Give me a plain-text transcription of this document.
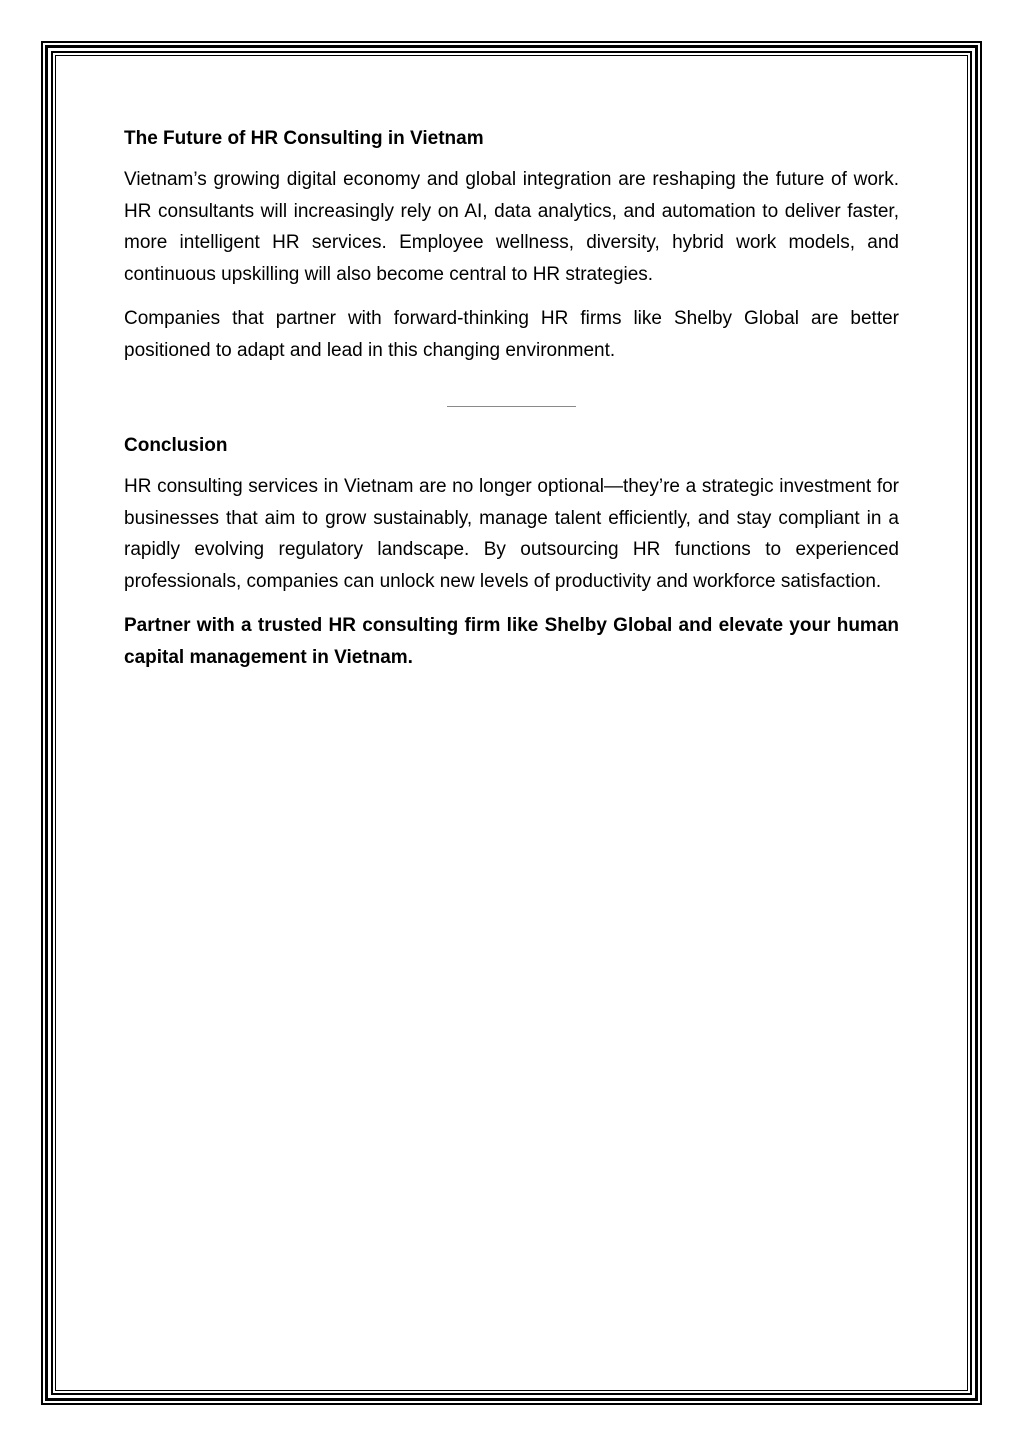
The Future of HR Consulting in Vietnam

Vietnam’s growing digital economy and global integration are reshaping the future of work. HR consultants will increasingly rely on AI, data analytics, and automation to deliver faster, more intelligent HR services. Employee wellness, diversity, hybrid work models, and continuous upskilling will also become central to HR strategies.

Companies that partner with forward-thinking HR firms like Shelby Global are better positioned to adapt and lead in this changing environment.

Conclusion

HR consulting services in Vietnam are no longer optional—they’re a strategic investment for businesses that aim to grow sustainably, manage talent efficiently, and stay compliant in a rapidly evolving regulatory landscape. By outsourcing HR functions to experienced professionals, companies can unlock new levels of productivity and workforce satisfaction.

Partner with a trusted HR consulting firm like Shelby Global and elevate your human capital management in Vietnam.
